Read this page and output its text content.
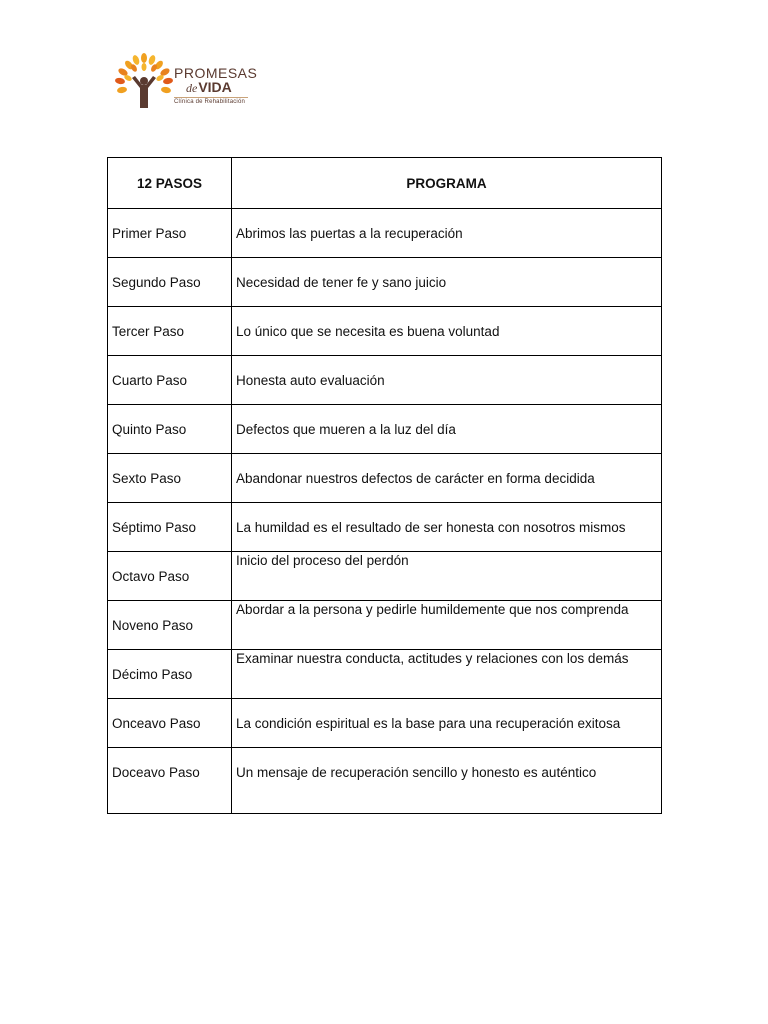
PROMESAS
deVIDA
Clínica de Rehabilitación
12 PASOS	PROGRAMA
Primer Paso	Abrimos las puertas a la recuperación
Segundo Paso	Necesidad de tener fe y sano juicio
Tercer Paso	Lo único que se necesita es buena voluntad
Cuarto Paso	Honesta auto evaluación
Quinto Paso	Defectos que mueren a la luz del día
Sexto Paso	Abandonar nuestros defectos de carácter en forma decidida
Séptimo Paso	La humildad es el resultado de ser honesta con nosotros mismos
Octavo Paso	Inicio del proceso del perdón
Noveno Paso	Abordar a la persona y pedirle humildemente que nos comprenda
Décimo Paso	Examinar nuestra conducta, actitudes y relaciones con los demás
Onceavo Paso	La condición espiritual es la base para una recuperación exitosa
Doceavo Paso	Un mensaje de recuperación sencillo y honesto es auténtico
